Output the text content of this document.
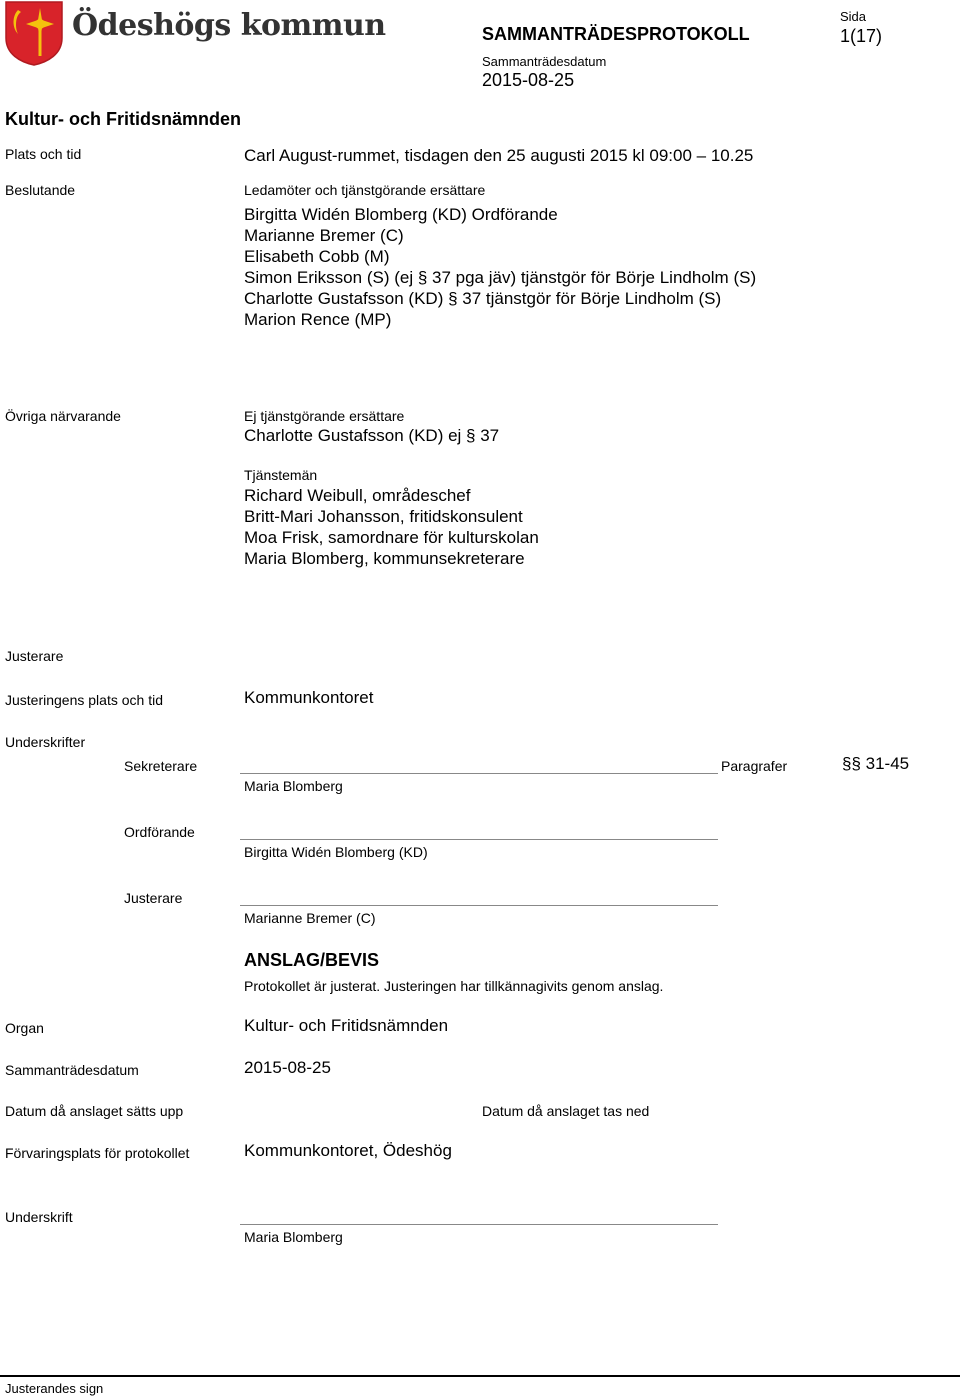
Ödeshögs kommun	SAMMANTRÄDESPROTOKOLL
Sammanträdesdatum
2015-08-25
Sida
1(17)
Kultur- och Fritidsnämnden
Plats och tid	Carl August-rummet, tisdagen den 25 augusti 2015 kl 09:00 – 10.25
Beslutande	Ledamöter och tjänstgörande ersättare
Birgitta Widén Blomberg (KD) Ordförande
Marianne Bremer (C)
Elisabeth Cobb (M)
Simon Eriksson (S) (ej § 37 pga jäv) tjänstgör för Börje Lindholm (S)
Charlotte Gustafsson (KD) § 37 tjänstgör för Börje Lindholm (S)
Marion Rence (MP)
Övriga närvarande	Ej tjänstgörande ersättare
Charlotte Gustafsson (KD) ej § 37
Tjänstemän
Richard Weibull, områdeschef
Britt-Mari Johansson, fritidskonsulent
Moa Frisk, samordnare för kulturskolan
Maria Blomberg, kommunsekreterare
Justerare
Justeringens plats och tid	Kommunkontoret
Underskrifter
Sekreterare
Maria Blomberg
Paragrafer	§§ 31-45
Ordförande
Birgitta Widén Blomberg (KD)
Justerare
Marianne Bremer (C)
ANSLAG/BEVIS
Protokollet är justerat. Justeringen har tillkännagivits genom anslag.
Organ	Kultur- och Fritidsnämnden
Sammanträdesdatum	2015-08-25
Datum då anslaget sätts upp	Datum då anslaget tas ned
Förvaringsplats för protokollet	Kommunkontoret, Ödeshög
Underskrift
Maria Blomberg
Justerandes sign
